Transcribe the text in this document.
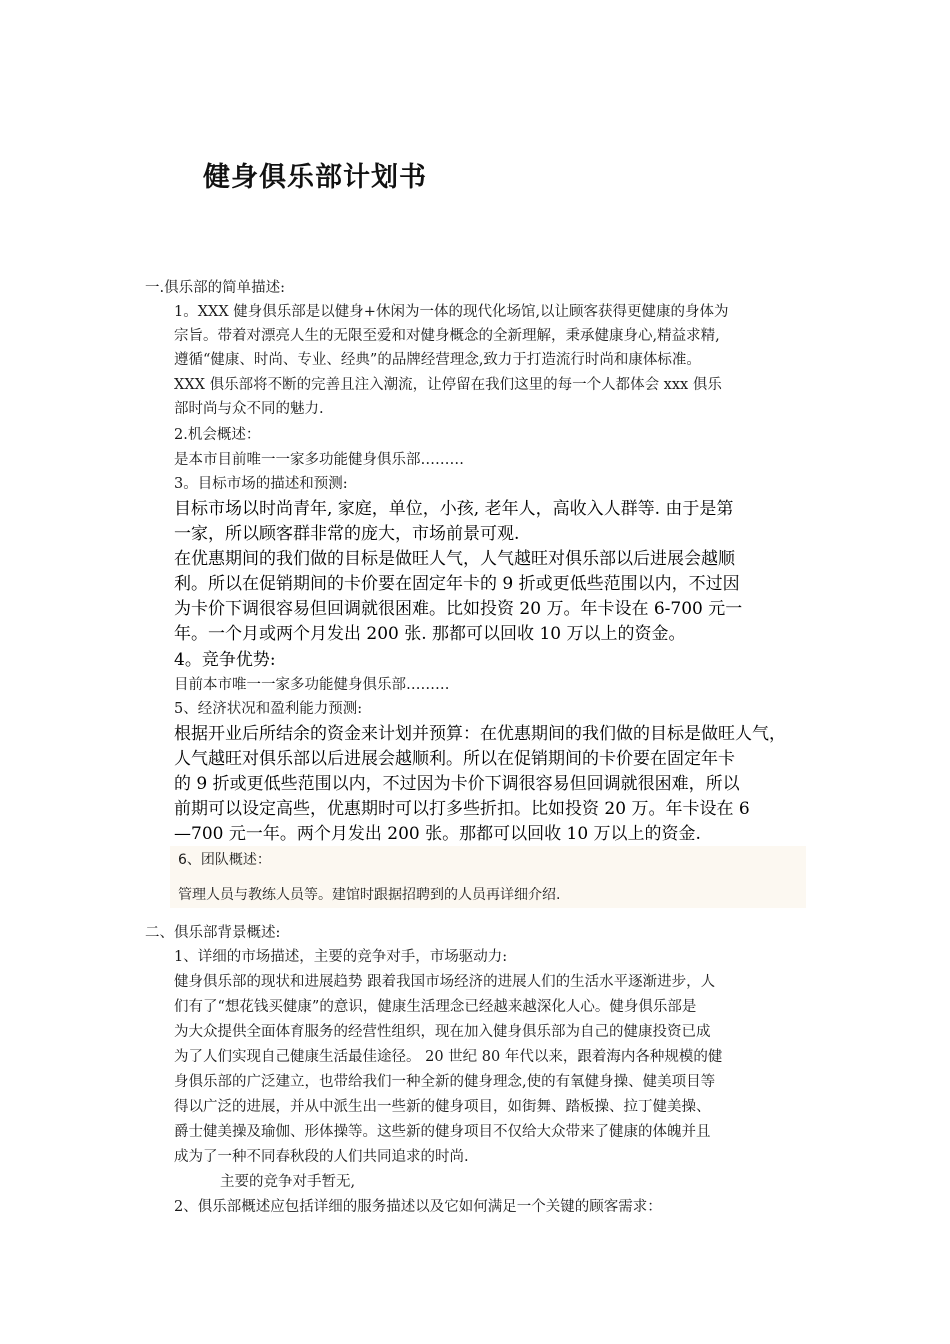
健身俱乐部计划书
一.俱乐部的简单描述:
1。XXX 健身俱乐部是以健身+休闲为一体的现代化场馆,以让顾客获得更健康的身体为
宗旨。带着对漂亮人生的无限至爱和对健身概念的全新理解，秉承健康身心,精益求精,
遵循“健康、时尚、专业、经典”的品牌经营理念,致力于打造流行时尚和康体标准。
XXX 俱乐部将不断的完善且注入潮流，让停留在我们这里的每一个人都体会 xxx 俱乐
部时尚与众不同的魅力.
2.机会概述：
是本市目前唯一一家多功能健身俱乐部………
3。目标市场的描述和预测:
目标市场以时尚青年, 家庭，单位，小孩, 老年人，高收入人群等. 由于是第
一家，所以顾客群非常的庞大，市场前景可观.
在优惠期间的我们做的目标是做旺人气，人气越旺对俱乐部以后进展会越顺
利。所以在促销期间的卡价要在固定年卡的 9 折或更低些范围以内，不过因
为卡价下调很容易但回调就很困难。比如投资 20 万。年卡设在 6-700 元一
年。一个月或两个月发出 200 张. 那都可以回收 10 万以上的资金。
4。竞争优势:
目前本市唯一一家多功能健身俱乐部………
5、经济状况和盈利能力预测:
根据开业后所结余的资金来计划并预算：在优惠期间的我们做的目标是做旺人气，
人气越旺对俱乐部以后进展会越顺利。所以在促销期间的卡价要在固定年卡
的 9 折或更低些范围以内，不过因为卡价下调很容易但回调就很困难，所以
前期可以设定高些，优惠期时可以打多些折扣。比如投资 20 万。年卡设在 6
—700 元一年。两个月发出 200 张。那都可以回收 10 万以上的资金.
6、团队概述：
管理人员与教练人员等。建馆时跟据招聘到的人员再详细介绍.
二、俱乐部背景概述:
1、详细的市场描述，主要的竞争对手，市场驱动力:
健身俱乐部的现状和进展趋势 跟着我国市场经济的进展人们的生活水平逐渐进步，人
们有了“想花钱买健康”的意识，健康生活理念已经越来越深化人心。健身俱乐部是
为大众提供全面体育服务的经营性组织，现在加入健身俱乐部为自己的健康投资已成
为了人们实现自己健康生活最佳途径。 20 世纪 80 年代以来，跟着海内各种规模的健
身俱乐部的广泛建立，也带给我们一种全新的健身理念,使的有氧健身操、健美项目等
得以广泛的进展，并从中派生出一些新的健身项目，如街舞、踏板操、拉丁健美操、
爵士健美操及瑜伽、形体操等。这些新的健身项目不仅给大众带来了健康的体魄并且
成为了一种不同春秋段的人们共同追求的时尚.
主要的竞争对手暂无,
2、俱乐部概述应包括详细的服务描述以及它如何满足一个关键的顾客需求：
